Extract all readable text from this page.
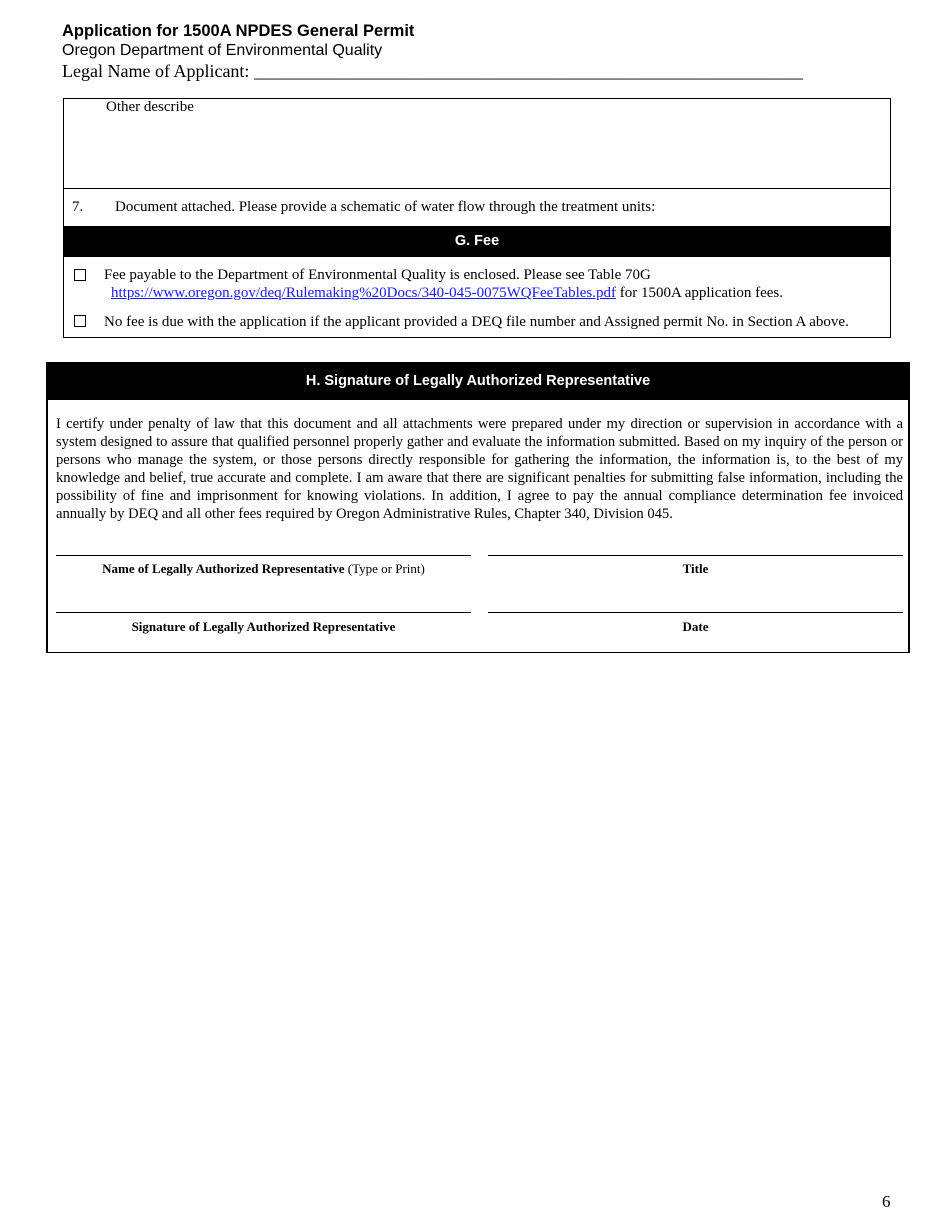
Application for 1500A NPDES General Permit
Oregon Department of Environmental Quality
Legal Name of Applicant: _____________________________________________________________
Other describe
7. Document attached. Please provide a schematic of water flow through the treatment units:
G. Fee
Fee payable to the Department of Environmental Quality is enclosed. Please see Table 70G
https://www.oregon.gov/deq/Rulemaking%20Docs/340-045-0075WQFeeTables.pdf for 1500A application fees.
No fee is due with the application if the applicant provided a DEQ file number and Assigned permit No. in Section A above.
H. Signature of Legally Authorized Representative
I certify under penalty of law that this document and all attachments were prepared under my direction or supervision in accordance with a system designed to assure that qualified personnel properly gather and evaluate the information submitted. Based on my inquiry of the person or persons who manage the system, or those persons directly responsible for gathering the information, the information is, to the best of my knowledge and belief, true accurate and complete. I am aware that there are significant penalties for submitting false information, including the possibility of fine and imprisonment for knowing violations. In addition, I agree to pay the annual compliance determination fee invoiced annually by DEQ and all other fees required by Oregon Administrative Rules, Chapter 340, Division 045.
Name of Legally Authorized Representative (Type or Print)	Title
Signature of Legally Authorized Representative	Date
6
